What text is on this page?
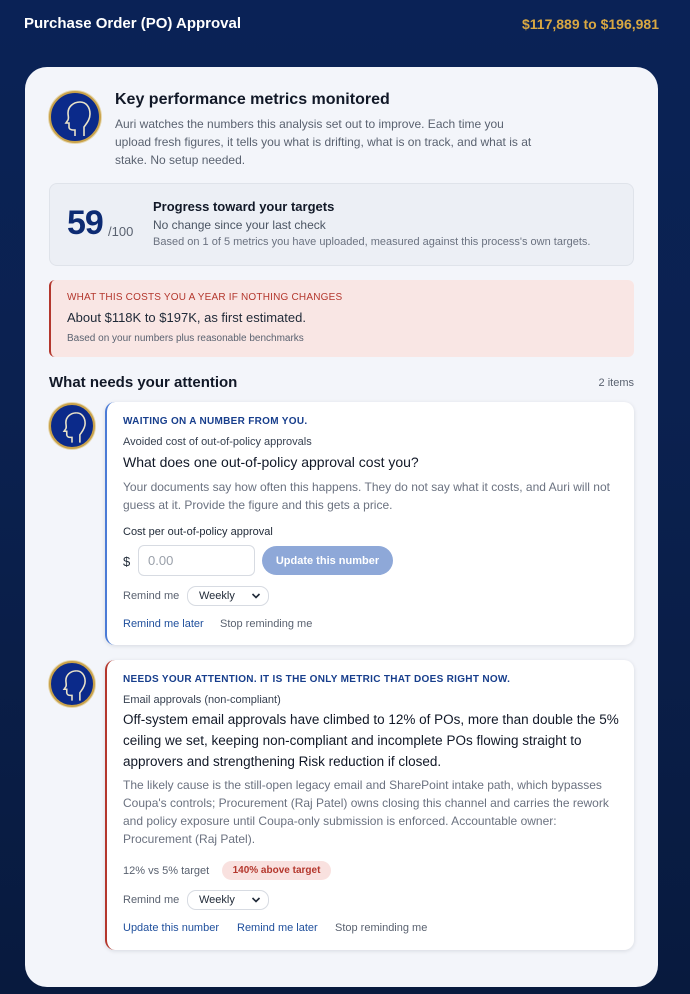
Purchase Order (PO) Approval	$117,889 to $196,981
Key performance metrics monitored
Auri watches the numbers this analysis set out to improve. Each time you upload fresh figures, it tells you what is drifting, what is on track, and what is at stake. No setup needed.
59 /100
Progress toward your targets
No change since your last check
Based on 1 of 5 metrics you have uploaded, measured against this process's own targets.
WHAT THIS COSTS YOU A YEAR IF NOTHING CHANGES
About $118K to $197K, as first estimated.
Based on your numbers plus reasonable benchmarks
What needs your attention	2 items
WAITING ON A NUMBER FROM YOU.
Avoided cost of out-of-policy approvals
What does one out-of-policy approval cost you?
Your documents say how often this happens. They do not say what it costs, and Auri will not guess at it. Provide the figure and this gets a price.
Cost per out-of-policy approval
$
0.00	Update this number
Remind me Weekly
Remind me later Stop reminding me
NEEDS YOUR ATTENTION. IT IS THE ONLY METRIC THAT DOES RIGHT NOW.
Email approvals (non-compliant)
Off-system email approvals have climbed to 12% of POs, more than double the 5% ceiling we set, keeping non-compliant and incomplete POs flowing straight to approvers and strengthening Risk reduction if closed.
The likely cause is the still-open legacy email and SharePoint intake path, which bypasses Coupa's controls; Procurement (Raj Patel) owns closing this channel and carries the rework and policy exposure until Coupa-only submission is enforced. Accountable owner: Procurement (Raj Patel).
12% vs 5% target	140% above target
Remind me Weekly
Update this number Remind me later Stop reminding me
